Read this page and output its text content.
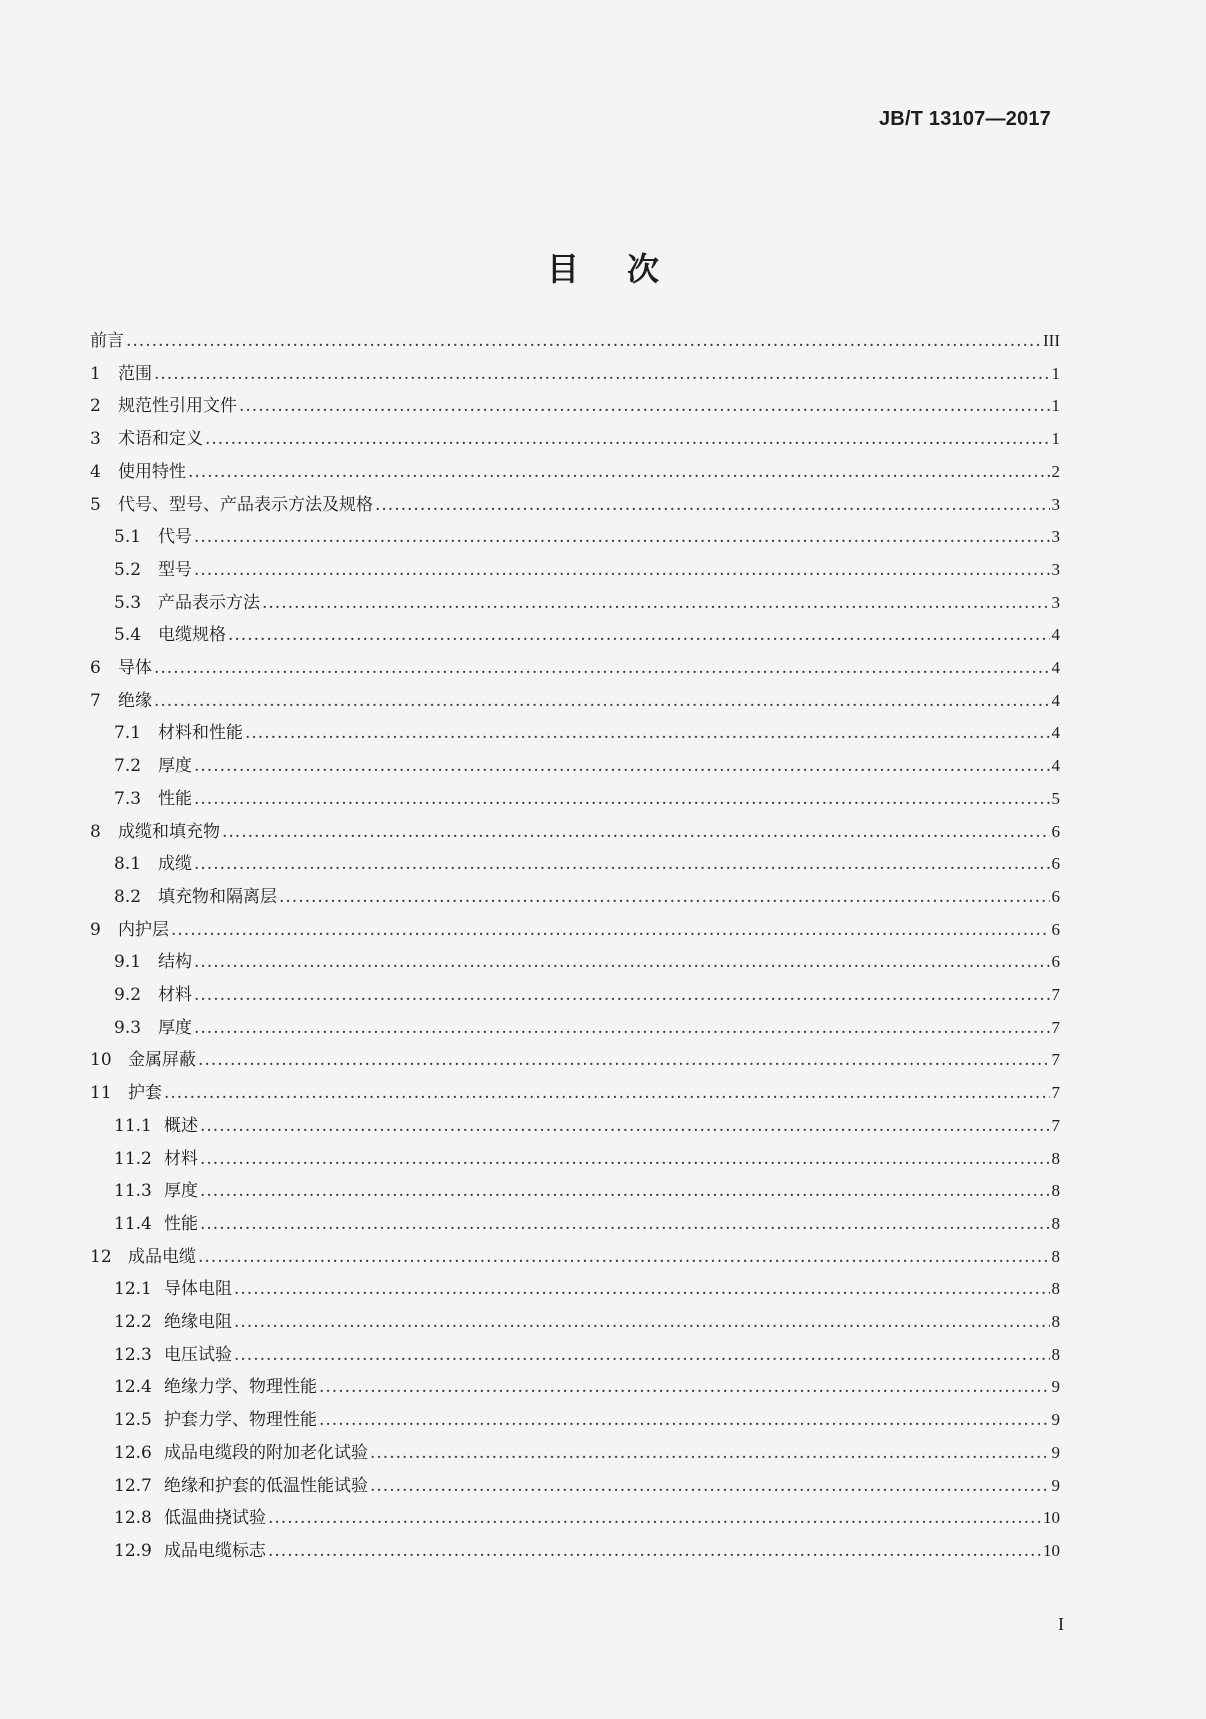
JB/T 13107—2017
目次
前言 .....	III
1	范围 .....	1
2	规范性引用文件 .....	1
3	术语和定义 .....	1
4	使用特性 .....	2
5	代号、型号、产品表示方法及规格 .....	3
5.1 代号 .....	3
5.2 型号 .....	3
5.3 产品表示方法 .....	3
5.4 电缆规格 .....	4
6	导体 .....	4
7	绝缘 .....	4
7.1 材料和性能 .....	4
7.2 厚度 .....	4
7.3 性能 .....	5
8	成缆和填充物 .....	6
8.1 成缆 .....	6
8.2 填充物和隔离层 .....	6
9	内护层 .....	6
9.1 结构 .....	6
9.2 材料 .....	7
9.3 厚度 .....	7
10 金属屏蔽 .....	7
11 护套 .....	7
11.1 概述 .....	7
11.2 材料 .....	8
11.3 厚度 .....	8
11.4 性能 .....	8
12 成品电缆 .....	8
12.1 导体电阻 .....	8
12.2 绝缘电阻 .....	8
12.3 电压试验 .....	8
12.4 绝缘力学、物理性能 .....	9
12.5 护套力学、物理性能 .....	9
12.6 成品电缆段的附加老化试验 .....	9
12.7 绝缘和护套的低温性能试验 .....	9
12.8 低温曲挠试验 .....	10
12.9 成品电缆标志 .....	10
I
